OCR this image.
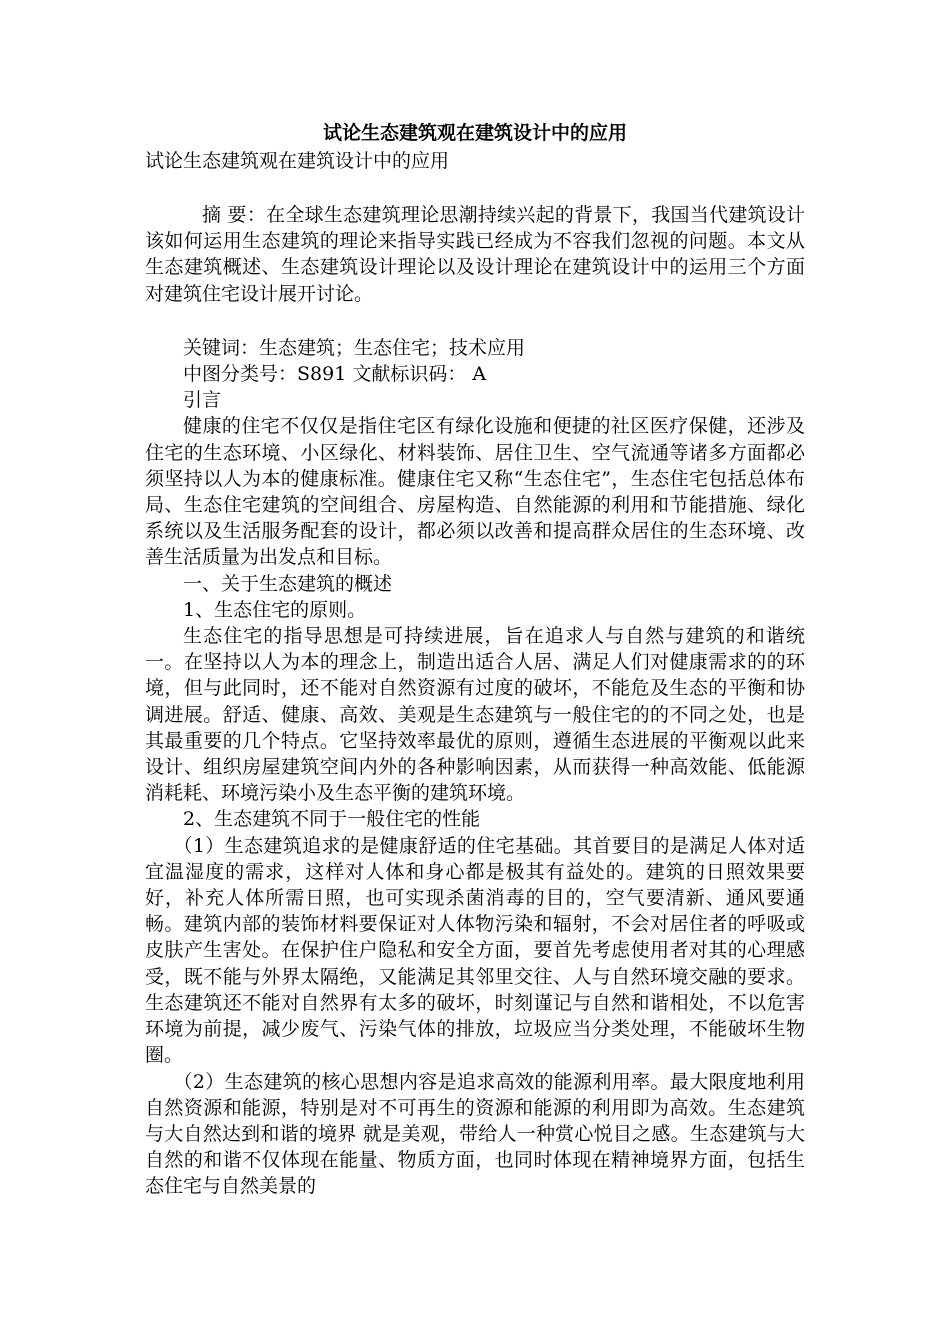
试论生态建筑观在建筑设计中的应用
试论生态建筑观在建筑设计中的应用

摘 要：在全球生态建筑理论思潮持续兴起的背景下，我国当代建筑设计该如何运用生态建筑的理论来指导实践已经成为不容我们忽视的问题。本文从生态建筑概述、生态建筑设计理论以及设计理论在建筑设计中的运用三个方面对建筑住宅设计展开讨论。

关键词：生态建筑；生态住宅；技术应用

中图分类号：S891 文献标识码： A

引言

健康的住宅不仅仅是指住宅区有绿化设施和便捷的社区医疗保健，还涉及住宅的生态环境、小区绿化、材料装饰、居住卫生、空气流通等诸多方面都必须坚持以人为本的健康标准。健康住宅又称“生态住宅”，生态住宅包括总体布局、生态住宅建筑的空间组合、房屋构造、自然能源的利用和节能措施、绿化系统以及生活服务配套的设计，都必须以改善和提高群众居住的生态环境、改善生活质量为出发点和目标。

一、关于生态建筑的概述

1、生态住宅的原则。

生态住宅的指导思想是可持续进展，旨在追求人与自然与建筑的和谐统一。在坚持以人为本的理念上，制造出适合人居、满足人们对健康需求的的环境，但与此同时，还不能对自然资源有过度的破坏，不能危及生态的平衡和协调进展。舒适、健康、高效、美观是生态建筑与一般住宅的的不同之处，也是其最重要的几个特点。它坚持效率最优的原则，遵循生态进展的平衡观以此来设计、组织房屋建筑空间内外的各种影响因素，从而获得一种高效能、低能源消耗耗、环境污染小及生态平衡的建筑环境。

2、生态建筑不同于一般住宅的性能

（1）生态建筑追求的是健康舒适的住宅基础。其首要目的是满足人体对适宜温湿度的需求，这样对人体和身心都是极其有益处的。建筑的日照效果要好，补充人体所需日照，也可实现杀菌消毒的目的，空气要清新、通风要通畅。建筑内部的装饰材料要保证对人体物污染和辐射，不会对居住者的呼吸或皮肤产生害处。在保护住户隐私和安全方面，要首先考虑使用者对其的心理感受，既不能与外界太隔绝，又能满足其邻里交往、人与自然环境交融的要求。生态建筑还不能对自然界有太多的破坏，时刻谨记与自然和谐相处，不以危害环境为前提，减少废气、污染气体的排放，垃圾应当分类处理，不能破坏生物圈。

（2）生态建筑的核心思想内容是追求高效的能源利用率。最大限度地利用自然资源和能源，特别是对不可再生的资源和能源的利用即为高效。生态建筑与大自然达到和谐的境界 就是美观，带给人一种赏心悦目之感。生态建筑与大自然的和谐不仅体现在能量、物质方面，也同时体现在精神境界方面，包括生态住宅与自然美景的
